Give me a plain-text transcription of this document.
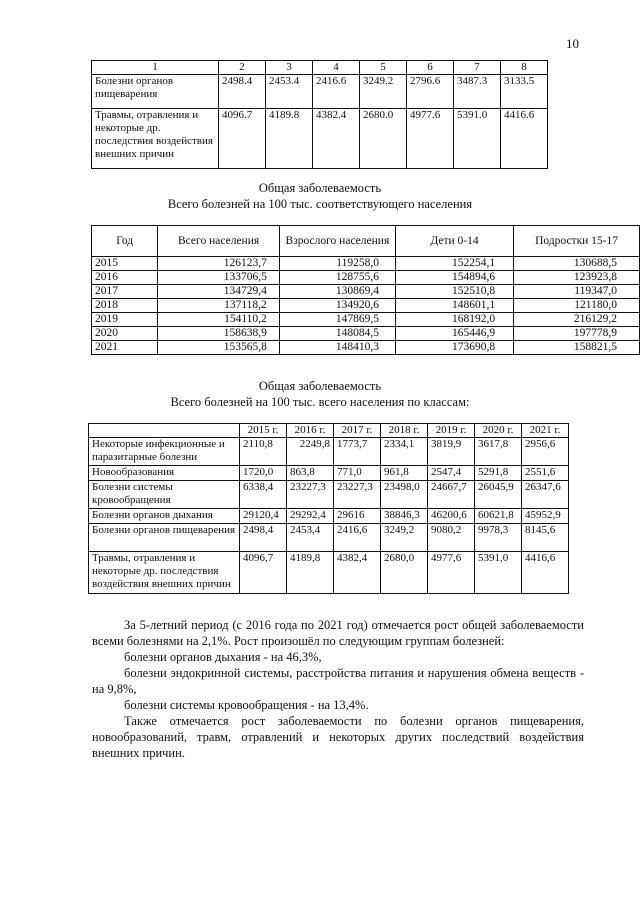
10
1	2	3	4	5	6	7	8
Болезни органов пищеварения	2498.4	2453.4	2416.6	3249.2	2796.6	3487.3	3133.5
Травмы, отравления и некоторые др. последствия воздействия внешних причин	4096.7	4189.8	4382.4	2680.0	4977.6	5391.0	4416.6
Общая заболеваемость
Всего болезней на 100 тыс. соответствующего населения
Год	Всего населения	Взрослого населения	Дети 0-14	Подростки 15-17
2015	126123,7	119258,0	152254,1	130688,5
2016	133706,5	128755,6	154894,6	123923,8
2017	134729,4	130869,4	152510,8	119347,0
2018	137118,2	134920,6	148601,1	121180,0
2019	154110,2	147869,5	168192,0	216129,2
2020	158638,9	148084,5	165446,9	197778,9
2021	153565,8	148410,3	173690,8	158821,5
Общая заболеваемость
Всего болезней на 100 тыс. всего населения по классам:
	2015 г.	2016 г.	2017 г.	2018 г.	2019 г.	2020 г.	2021 г.
Некоторые инфекционные и паразитарные болезни	2110,8	2249,8	1773,7	2334,1	3819,9	3617,8	2956,6
Новообразования	1720,0	863,8	771,0	961,8	2547,4	5291,8	2551,6
Болезни системы кровообращения	6338,4	23227,3	23227,3	23498,0	24667,7	26045,9	26347,6
Болезни органов дыхания	29120,4	29292,4	29616	38846,3	46200,6	60621,8	45952,9
Болезни органов пищеварения	2498,4	2453,4	2416,6	3249,2	9080,2	9978,3	8145,6
Травмы, отравления и некоторые др. последствия воздействия внешних причин	4096,7	4189,8	4382,4	2680,0	4977,6	5391,0	4416,6
За 5-летний период (с 2016 года по 2021 год) отмечается рост общей заболеваемости всеми болезнями на 2,1%. Рост произошёл по следующим группам болезней:
болезни органов дыхания - на 46,3%,
болезни эндокринной системы, расстройства питания и нарушения обмена веществ - на 9,8%,
болезни системы кровообращения - на 13,4%.
Также отмечается рост заболеваемости по болезни органов пищеварения, новообразований, травм, отравлений и некоторых других последствий воздействия внешних причин.
